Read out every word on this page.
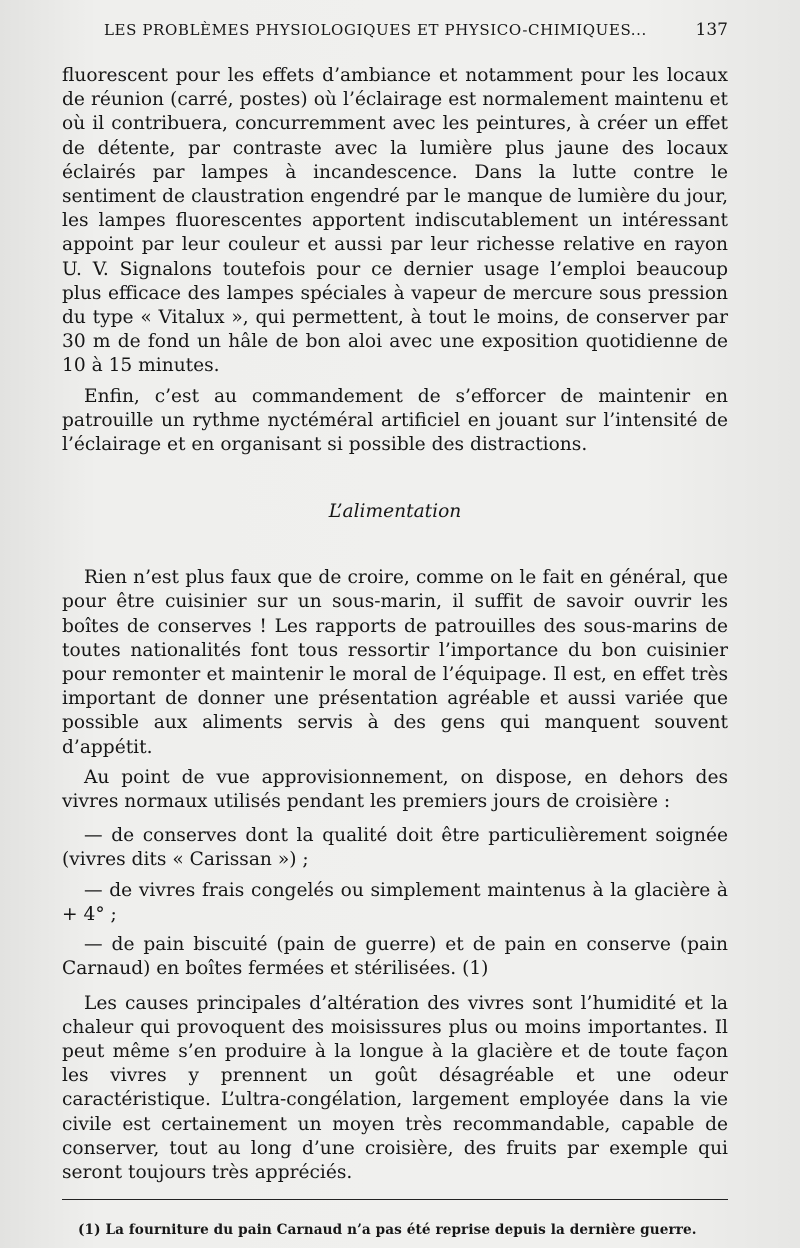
LES PROBLÈMES PHYSIOLOGIQUES ET PHYSICO-CHIMIQUES...	137

fluorescent pour les effets d’ambiance et notamment pour les locaux de réunion (carré, postes) où l’éclairage est normalement maintenu et où il contribuera, concurremment avec les peintures, à créer un effet de détente, par contraste avec la lumière plus jaune des locaux éclairés par lampes à incandescence. Dans la lutte contre le sentiment de claustration engendré par le manque de lumière du jour, les lampes fluorescentes apportent indiscutablement un intéressant appoint par leur couleur et aussi par leur richesse relative en rayon U. V. Signalons toutefois pour ce dernier usage l’emploi beaucoup plus efficace des lampes spéciales à vapeur de mercure sous pression du type « Vitalux », qui permettent, à tout le moins, de conserver par 30 m de fond un hâle de bon aloi avec une exposition quotidienne de 10 à 15 minutes.

Enfin, c’est au commandement de s’efforcer de maintenir en patrouille un rythme nyctéméral artificiel en jouant sur l’intensité de l’éclairage et en organisant si possible des distractions.

L’alimentation

Rien n’est plus faux que de croire, comme on le fait en général, que pour être cuisinier sur un sous-marin, il suffit de savoir ouvrir les boîtes de conserves ! Les rapports de patrouilles des sous-marins de toutes nationalités font tous ressortir l’importance du bon cuisinier pour remonter et maintenir le moral de l’équipage. Il est, en effet très important de donner une présentation agréable et aussi variée que possible aux aliments servis à des gens qui manquent souvent d’appétit.

Au point de vue approvisionnement, on dispose, en dehors des vivres normaux utilisés pendant les premiers jours de croisière :

— de conserves dont la qualité doit être particulièrement soignée (vivres dits « Carissan ») ;

— de vivres frais congelés ou simplement maintenus à la glacière à + 4° ;

— de pain biscuité (pain de guerre) et de pain en conserve (pain Carnaud) en boîtes fermées et stérilisées. (1)

Les causes principales d’altération des vivres sont l’humidité et la chaleur qui provoquent des moisissures plus ou moins importantes. Il peut même s’en produire à la longue à la glacière et de toute façon les vivres y prennent un goût désagréable et une odeur caractéristique. L’ultra-congélation, largement employée dans la vie civile est certainement un moyen très recommandable, capable de conserver, tout au long d’une croisière, des fruits par exemple qui seront toujours très appréciés.

(1) La fourniture du pain Carnaud n’a pas été reprise depuis la dernière guerre.
